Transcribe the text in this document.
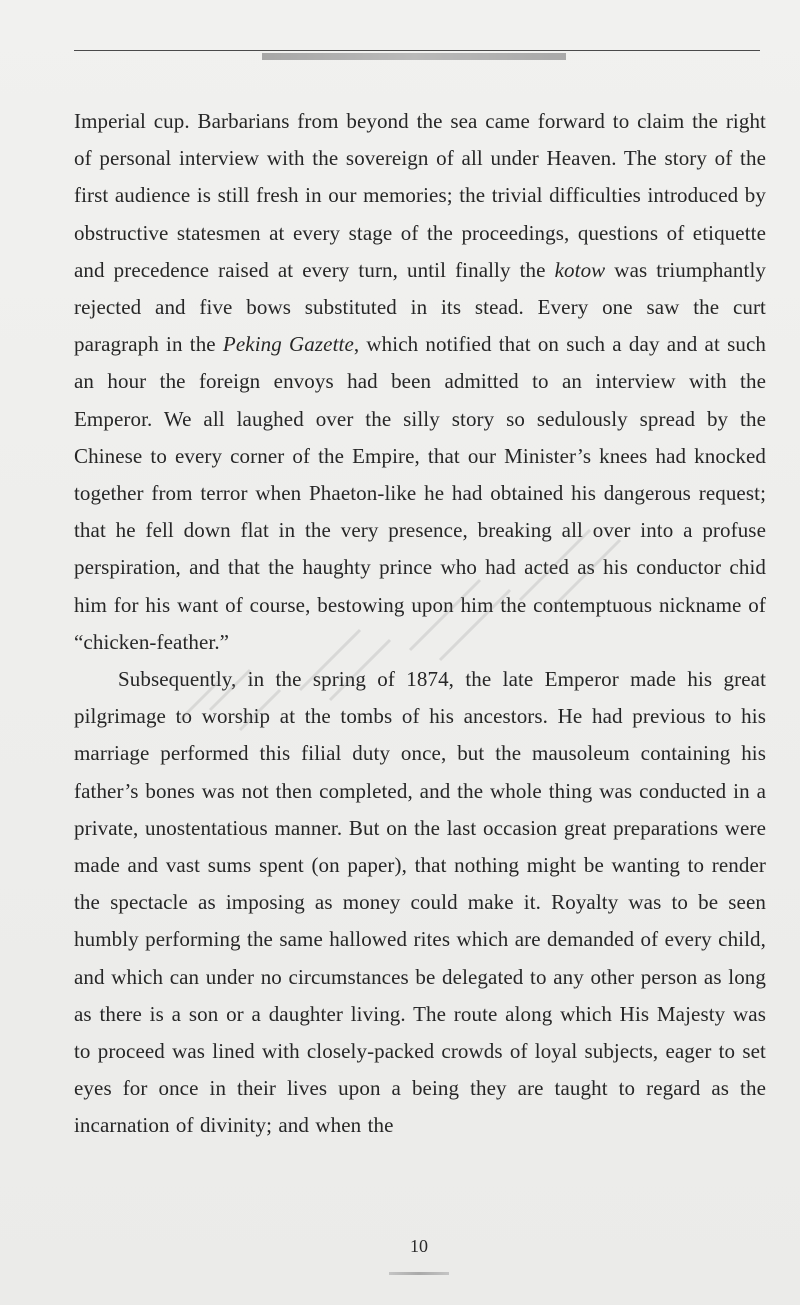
Imperial cup. Barbarians from beyond the sea came forward to claim the right of personal interview with the sovereign of all under Heaven. The story of the first audience is still fresh in our memories; the trivial difficulties introduced by obstructive statesmen at every stage of the proceedings, questions of etiquette and precedence raised at every turn, until finally the kotow was triumphantly rejected and five bows substituted in its stead. Every one saw the curt paragraph in the Peking Gazette, which notified that on such a day and at such an hour the foreign envoys had been admitted to an interview with the Emperor. We all laughed over the silly story so sedulously spread by the Chinese to every corner of the Empire, that our Minister’s knees had knocked together from terror when Phaeton-like he had obtained his dangerous request; that he fell down flat in the very presence, breaking all over into a profuse perspiration, and that the haughty prince who had acted as his conductor chid him for his want of course, bestowing upon him the contemptuous nickname of “chicken-feather.”

Subsequently, in the spring of 1874, the late Emperor made his great pilgrimage to worship at the tombs of his ancestors. He had previous to his marriage performed this filial duty once, but the mausoleum containing his father’s bones was not then completed, and the whole thing was conducted in a private, unostentatious manner. But on the last occasion great preparations were made and vast sums spent (on paper), that nothing might be wanting to render the spectacle as imposing as money could make it. Royalty was to be seen humbly performing the same hallowed rites which are demanded of every child, and which can under no circumstances be delegated to any other person as long as there is a son or a daughter living. The route along which His Majesty was to proceed was lined with closely-packed crowds of loyal subjects, eager to set eyes for once in their lives upon a being they are taught to regard as the incarnation of divinity; and when the

10
